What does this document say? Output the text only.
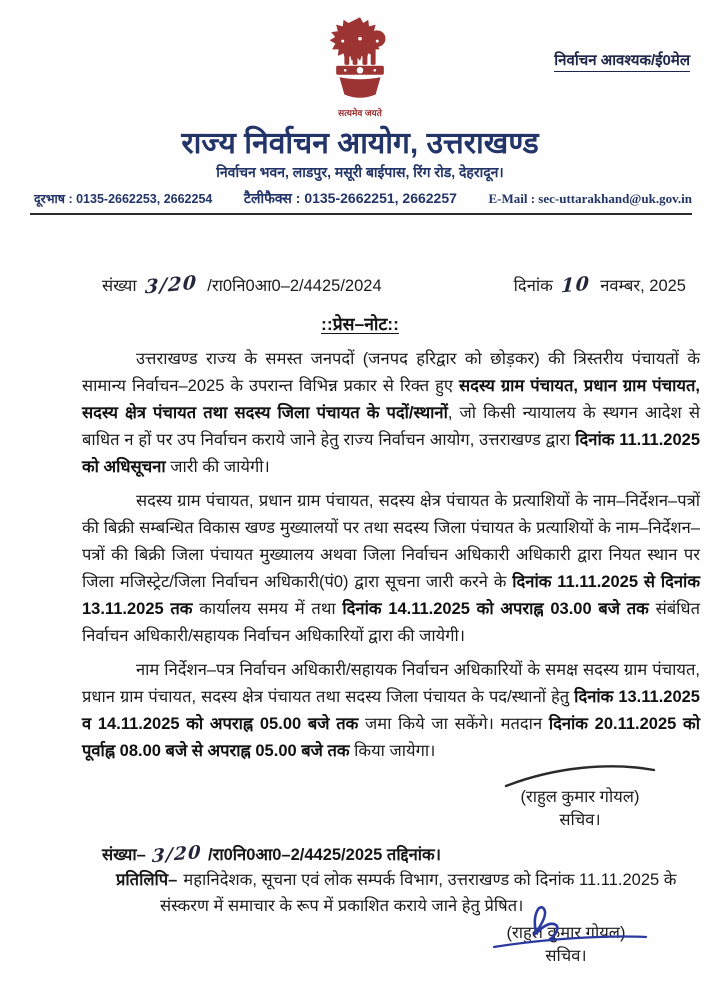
निर्वाचन आवश्यक/ई0मेल
सत्यमेव जयते
राज्य निर्वाचन आयोग, उत्तराखण्ड
निर्वाचन भवन, लाडपुर, मसूरी बाईपास, रिंग रोड, देहरादून।
दूरभाष : 0135-2662253, 2662254 टैलीफैक्स : 0135-2662251, 2662257 E-Mail : sec-uttarakhand@uk.gov.in
संख्या 3/20 /रा0नि0आ0–2/4425/2024	दिनांक 10 नवम्बर, 2025
::प्रेस–नोट::

उत्तराखण्ड राज्य के समस्त जनपदों (जनपद हरिद्वार को छोड़कर) की त्रिस्तरीय पंचायतों के सामान्य निर्वाचन–2025 के उपरान्त विभिन्न प्रकार से रिक्त हुए सदस्य ग्राम पंचायत, प्रधान ग्राम पंचायत, सदस्य क्षेत्र पंचायत तथा सदस्य जिला पंचायत के पदों/स्थानों, जो किसी न्यायालय के स्थगन आदेश से बाधित न हों पर उप निर्वाचन कराये जाने हेतु राज्य निर्वाचन आयोग, उत्तराखण्ड द्वारा दिनांक 11.11.2025 को अधिसूचना जारी की जायेगी।

सदस्य ग्राम पंचायत, प्रधान ग्राम पंचायत, सदस्य क्षेत्र पंचायत के प्रत्याशियों के नाम–निर्देशन–पत्रों की बिक्री सम्बन्धित विकास खण्ड मुख्यालयों पर तथा सदस्य जिला पंचायत के प्रत्याशियों के नाम–निर्देशन–पत्रों की बिक्री जिला पंचायत मुख्यालय अथवा जिला निर्वाचन अधिकारी अधिकारी द्वारा नियत स्थान पर जिला मजिस्ट्रेट/जिला निर्वाचन अधिकारी(पं0) द्वारा सूचना जारी करने के दिनांक 11.11.2025 से दिनांक 13.11.2025 तक कार्यालय समय में तथा दिनांक 14.11.2025 को अपराह्न 03.00 बजे तक संबंधित निर्वाचन अधिकारी/सहायक निर्वाचन अधिकारियों द्वारा की जायेगी।

नाम निर्देशन–पत्र निर्वाचन अधिकारी/सहायक निर्वाचन अधिकारियों के समक्ष सदस्य ग्राम पंचायत, प्रधान ग्राम पंचायत, सदस्य क्षेत्र पंचायत तथा सदस्य जिला पंचायत के पद/स्थानों हेतु दिनांक 13.11.2025 व 14.11.2025 को अपराह्न 05.00 बजे तक जमा किये जा सकेंगे। मतदान दिनांक 20.11.2025 को पूर्वाह्न 08.00 बजे से अपराह्न 05.00 बजे तक किया जायेगा।

(राहुल कुमार गोयल)
सचिव।
संख्या– 3/20 /रा0नि0आ0–2/4425/2025 तद्दिनांक।
प्रतिलिपि– महानिदेशक, सूचना एवं लोक सम्पर्क विभाग, उत्तराखण्ड को दिनांक 11.11.2025 के संस्करण में समाचार के रूप में प्रकाशित कराये जाने हेतु प्रेषित।
(राहुल कुमार गोयल)
सचिव।
